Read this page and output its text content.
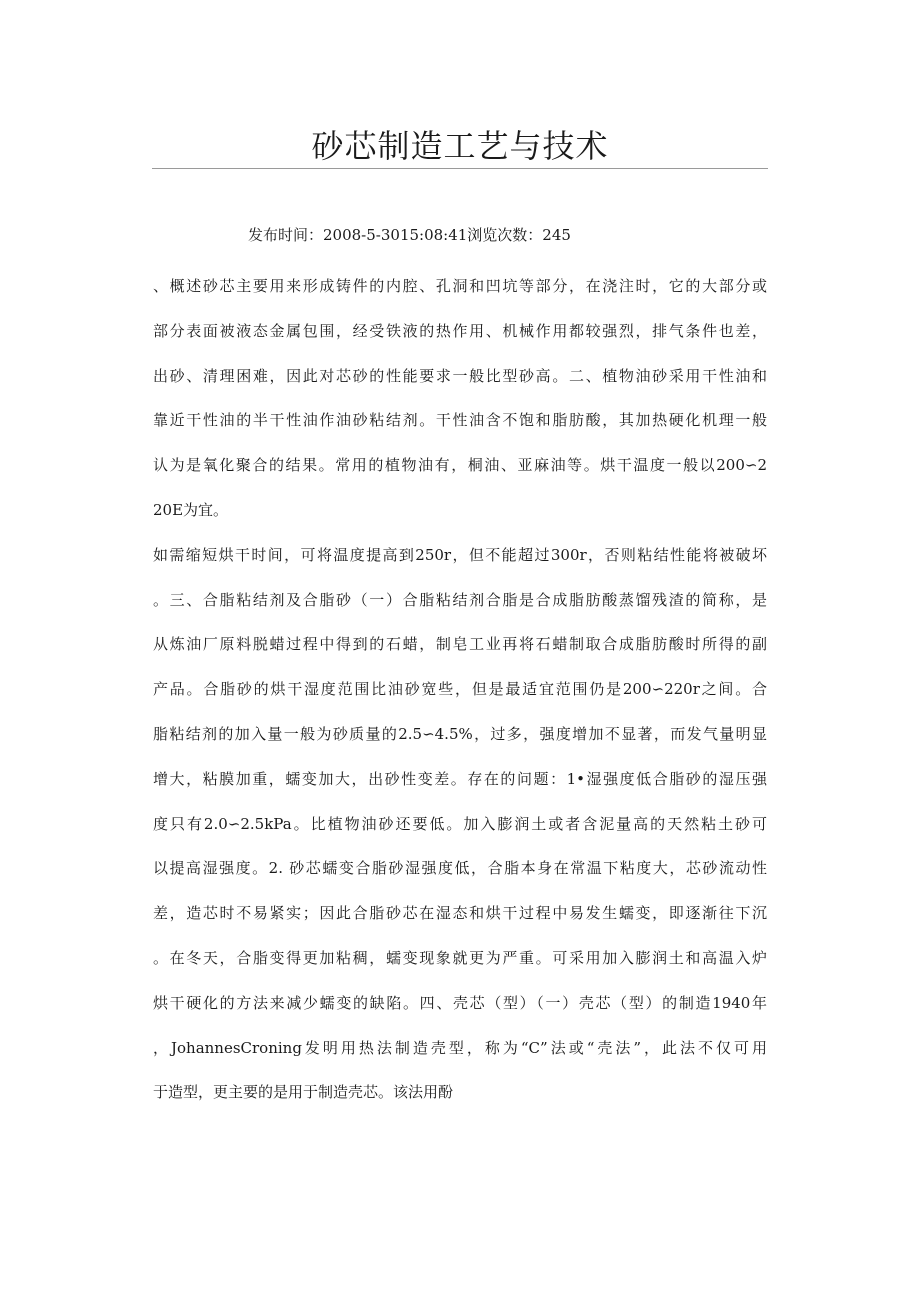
砂芯制造工艺与技术
发布时间：2008-5-3015:08:41浏览次数：245
、概述砂芯主要用来形成铸件的内腔、孔洞和凹坑等部分，在浇注时，它的大部分或
部分表面被液态金属包围，经受铁液的热作用、机械作用都较强烈，排气条件也差，
出砂、清理困难，因此对芯砂的性能要求一般比型砂高。二、植物油砂采用干性油和
靠近干性油的半干性油作油砂粘结剂。干性油含不饱和脂肪酸，其加热硬化机理一般
认为是氧化聚合的结果。常用的植物油有，桐油、亚麻油等。烘干温度一般以200∽2
20E为宜。
如需缩短烘干时间，可将温度提高到250r，但不能超过300r，否则粘结性能将被破坏
。三、合脂粘结剂及合脂砂（一）合脂粘结剂合脂是合成脂肪酸蒸馏残渣的简称，是
从炼油厂原料脱蜡过程中得到的石蜡，制皂工业再将石蜡制取合成脂肪酸时所得的副
产品。合脂砂的烘干湿度范围比油砂宽些，但是最适宜范围仍是200∽220r之间。合
脂粘结剂的加入量一般为砂质量的2.5∽4.5%，过多，强度增加不显著，而发气量明显
增大，粘膜加重，蠕变加大，出砂性变差。存在的问题：1•湿强度低合脂砂的湿压强
度只有2.0∽2.5kPa。比植物油砂还要低。加入膨润土或者含泥量高的天然粘土砂可
以提高湿强度。2. 砂芯蠕变合脂砂湿强度低，合脂本身在常温下粘度大，芯砂流动性
差，造芯时不易紧实；因此合脂砂芯在湿态和烘干过程中易发生蠕变，即逐渐往下沉
。在冬天，合脂变得更加粘稠，蠕变现象就更为严重。可采用加入膨润土和高温入炉
烘干硬化的方法来减少蠕变的缺陷。四、壳芯（型）（一）壳芯（型）的制造1940年
，JohannesCroning发明用热法制造壳型，称为“C”法或“壳法”，此法不仅可用
于造型，更主要的是用于制造壳芯。该法用酚
